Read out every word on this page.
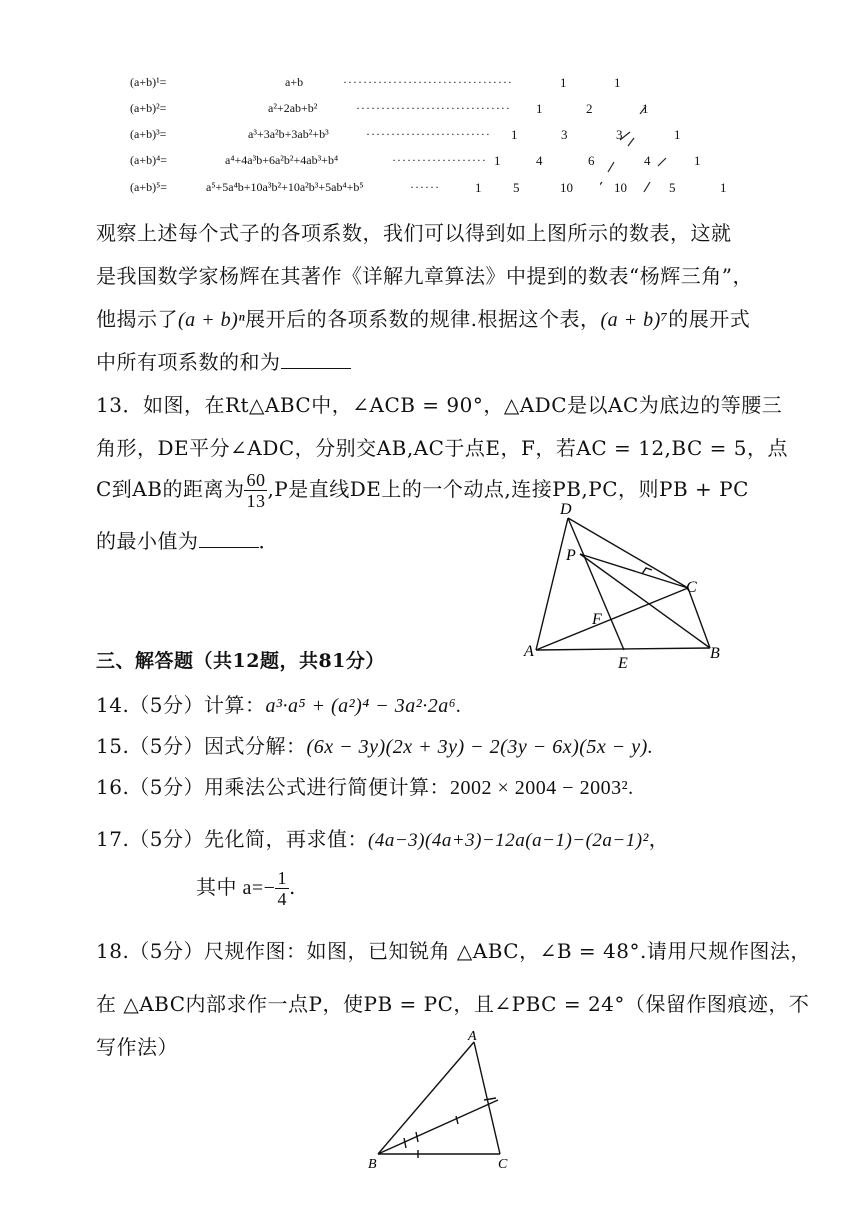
(a+b)¹=	a+b	··································	1	1
(a+b)²=	a²+2ab+b²	······························· 1	2	1
(a+b)³=	a³+3a²b+3ab²+b³	························· 1	3	3	1
(a+b)⁴=	a⁴+4a³b+6a²b²+4ab³+b⁴	··················· 1	4	6	4	1
(a+b)⁵=	a⁵+5a⁴b+10a³b²+10a²b³+5ab⁴+b⁵	······	1 5	10	10	5	1
观察上述每个式子的各项系数，我们可以得到如上图所示的数表，这就
是我国数学家杨辉在其著作《详解九章算法》中提到的数表“杨辉三角”，
他揭示了(a + b)ⁿ展开后的各项系数的规律.根据这个表，(a + b)⁷的展开式
中所有项系数的和为
13．如图，在Rt△ABC中，∠ACB = 90°，△ADC是以AC为底边的等腰三
角形，DE平分∠ADC，分别交AB,AC于点E，F，若AC = 12,BC = 5，点
C到AB的距离为 $\frac{60}{13} ,P$是直线DE上的一个动点,连接PB,PC，则PB + PC
的最小值为	．
D
P
C
F
A
E
B
三、解答题（共12题，共81分）
14.（5分）计算：a³·a⁵ + (a²)⁴ − 3a²·2a⁶.
15.（5分）因式分解：(6x − 3y)(2x + 3y) − 2(3y − 6x)(5x − y).
16.（5分）用乘法公式进行简便计算：2002 × 2004 − 2003².
17.（5分）先化简，再求值：(4a−3)(4a+3)−12a(a−1)−(2a−1)²，
其中 $a=- \frac{1}{4}$ .
18.（5分）尺规作图：如图，已知锐角 △ABC，∠B = 48°.请用尺规作图法，
在 △ABC内部求作一点P，使PB = PC，且∠PBC = 24°（保留作图痕迹，不
写作法）	A
B	C
